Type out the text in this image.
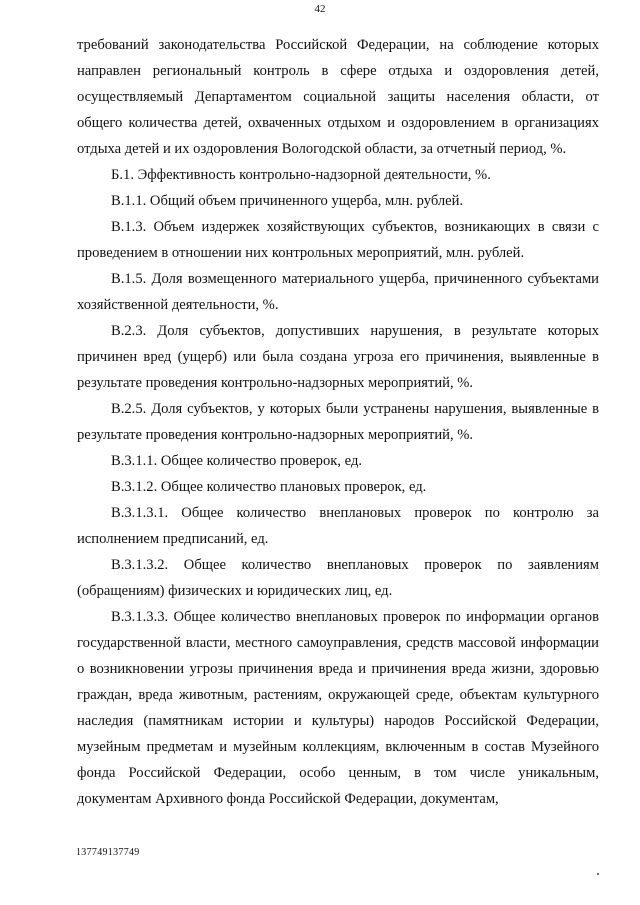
42

требований законодательства Российской Федерации, на соблюдение которых направлен региональный контроль в сфере отдыха и оздоровления детей, осуществляемый Департаментом социальной защиты населения области, от общего количества детей, охваченных отдыхом и оздоровлением в организациях отдыха детей и их оздоровления Вологодской области, за отчетный период, %.

Б.1. Эффективность контрольно-надзорной деятельности, %.

В.1.1. Общий объем причиненного ущерба, млн. рублей.

В.1.3. Объем издержек хозяйствующих субъектов, возникающих в связи с проведением в отношении них контрольных мероприятий, млн. рублей.

В.1.5. Доля возмещенного материального ущерба, причиненного субъектами хозяйственной деятельности, %.

В.2.3. Доля субъектов, допустивших нарушения, в результате которых причинен вред (ущерб) или была создана угроза его причинения, выявленные в результате проведения контрольно-надзорных мероприятий, %.

В.2.5. Доля субъектов, у которых были устранены нарушения, выявленные в результате проведения контрольно-надзорных мероприятий, %.

В.3.1.1. Общее количество проверок, ед.

В.3.1.2. Общее количество плановых проверок, ед.

В.3.1.3.1. Общее количество внеплановых проверок по контролю за исполнением предписаний, ед.

В.3.1.3.2. Общее количество внеплановых проверок по заявлениям (обращениям) физических и юридических лиц, ед.

В.3.1.3.3. Общее количество внеплановых проверок по информации органов государственной власти, местного самоуправления, средств массовой информации о возникновении угрозы причинения вреда и причинения вреда жизни, здоровью граждан, вреда животным, растениям, окружающей среде, объектам культурного наследия (памятникам истории и культуры) народов Российской Федерации, музейным предметам и музейным коллекциям, включенным в состав Музейного фонда Российской Федерации, особо ценным, в том числе уникальным, документам Архивного фонда Российской Федерации, документам,

137749137749
